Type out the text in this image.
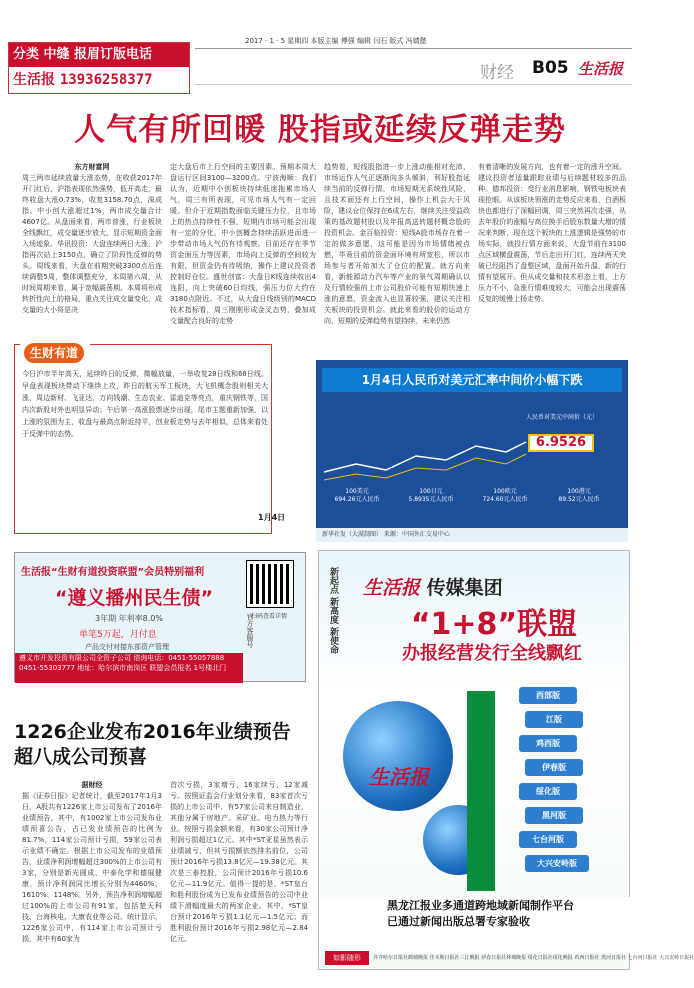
分类 中缝 报眉订版电话
生活报 13936258377
2017 · 1 · 5 星期四 本版主编 傅强 编辑 闫石 版式 冯婧懿
财经 B05 生活报
人气有所回暖 股指或延续反弹走势
东方财富网
周三两市延续放量大涨态势，在收获2017年开门红后，沪指表现依然强势，低开高走，最终收盘大涨0.73%，收复3158.70点，深成指、中小创大涨超过1%，两市成交量合计4607亿。从盘面来看，两市普涨，行业板块全线飘红，成交量逐步放大，显示短期资金面入场迹象。华讯投资：大盘连续两日大涨，沪指再次站上3150点，确立了阶段性反弹的势头。周线来看，大盘在前期突破3300点后连续调整5周，整体调整充分，本周第六周，从时间周期来看，属于宽幅震荡期，本周将形成转折性向上的格局，重点关注成交量变化，成交量的大小将是决
定大盘后市上行空间的主要因素。预期本周大盘运行区间3100—3200点。宁波海顺：我们认为，近期中小创板块持续低迷拖累市场人气，周三有所表现，可见市场人气有一定回暖。但介于近期指数面临关键压力位，且市场上的热点持续性不强，短期内市场可能会出现有一定的分化，中小创概念持续活跃进而进一步带动市场人气仍有待观察。目前还存在季节资金面压力等因素，市场向上反弹的空间较为有限，但资金仍有待吸纳，操作上建议投资者控制好仓位。盛世创富：大盘日K线连续收出4连阳，向上突破60日均线，强压力位大约在3180点附近。不过，从大盘日线级别的MACD技术指标看，周三刚刚形成金叉态势，叠加成交量配合良好的走势
趋势看，短线股指进一步上涨动能相对充沛，市场运作人气正逐渐向多头倾斜，利好股指延续当前的反弹行情。市场短期无系统性风险，且技术面还有上行空间，操作上机会大于风险，建议仓位保持在6成左右，继续关注受益政策的基改题材股以及年报高送转题材概念股的投资机会。金百临投资：短线A股市场存在着一定的做多意愿，这可能是因为市场情绪被点燃，毕竟目前的资金面环境有所宽松，所以市场参与者开始加大了仓位的配置。就方向来看，新能源动力汽车等产业的景气周期确认以及行情较强的上市公司股价可能有短期快速上涨的意愿，资金流入也显著较强，建议关注相关板块的投资机会。就此来看的股价的运动方向，短期的反弹趋势有望持续，未来仍然
有着清晰的发展方向，也有着一定的涨升空间。建议投资者适量跟踪业绩与后续题材较多的品种。德邦投资：受行业消息影响，钢铁电板块表现抢眼。从该板块领涨的走势反应来看，白酒板块也都进行了深幅回调，周三突然再次走强，从去年股价的涨幅与高位换手后股东数量大增的情况来判断，现在这个板块的上涨逻辑是强势的市场实际，就投行情方面来说，大盘节前在3100点区域横盘震荡，节后走出开门红，连续两天突破已经阻挡了盘整区域，盘面开始升温，新的行情有望展开。但从成交量和技术形态上看，上方压力不小，急涨行情难度较大，可能会出现震荡反复的缓慢上扬走势。
生财有道
今日沪市半年高天，延续昨日的反弹，微幅放量，一举收复20日线和60日线。早盘表现板块带动下继续上攻，昨日的航天军工板块，大飞机概念股则相关大涨，周边新材、飞亚达、万向钱潮、生态农业、雷迪克等亮点，重庆钢铁等，国内次新股对外也明显异动；午后第一高涨股票逐步出现，尾市主题重新加强，以上涨的氛围为主，收盘与最高点附近持平，创业板走势与去年相似，总体来看处于反弹中的态势。
1月4日
1月4日人民币对美元汇率中间价小幅下跌
人民币对美元中间价（元）
6.9526
100美元
694.26元人民币
100日元
5.8935元人民币
100欧元
724.60元人民币
100港元
89.52元人民币
新华社发（大漠制图） 来源：中国外汇交易中心
生活报“生财有道投资联盟”会员特别福利
“遵义播州民生债”
3年期 年利率8.0%
单笔5万起，月付息
产品交付对接东部资产管理	官方客服号
扫码查看详情
遵义市开发投资有限公司全资子公司 谘询电话：0451-55057888 0451-55303777 地址：哈尔滨市南岗区 联盟会员报名 1号楼北门
1226企业发布2016年业绩预告 超八成公司预喜
据财经
据《证券日报》记者统计，截至2017年1月3日，A股共有1226家上市公司发布了2016年业绩预告，其中，有1002家上市公司发布业绩预喜公告，占已发业绩预告的比例为81.7%，114家公司预计亏损，59家公司表示业绩不确定。根据上市公司发布的业绩预告，业绩净利润增幅超过300%的上市公司有3家，分别是新光圆成、中泰化学和德展健康，预计净利润同比增长分别为4460%、1610%、1148%。另外，预告净利润增幅超过100%的上市公司有91家，包括楚天科技、台海核电、大康农业等公司。统计显示，1226家公司中，有114家上市公司预计亏损，其中有60家为
首次亏损，3家增亏，16家续亏，12家减亏。按照证监会行业划分来看，83家首次亏损的上市公司中，有57家公司来自制造业，其他分属于房地产、采矿业、电力热力等行业。按照亏损金额来看，有30家公司预计净利润亏损超过1亿元。其中*ST亚星虽然表示业绩减亏，但其亏损额依然排名前位，公司预计2016年亏损13.8亿元—19.38亿元。其次是三泰控股，公司预计2016年亏损10.6亿元—11.9亿元。值得一提的是，*ST皇台和胜利股份成为已发布业绩预告的公司中业绩下滑幅度最大的两家企业。其中，*ST皇台预计2016年亏损1.1亿元—1.5亿元；而胜利股份预计2016年亏损2.98亿元—2.84亿元。
新起点 新高度 新使命 生活报 传媒集团
“1+8”联盟
办报经营发行全线飘红
生活报
西部版
江版
鸡西版
伊春版
绥化版
黑河版
七台河版
大兴安岭版
黑龙江报业多通道跨地域新闻制作平台
已通过新闻出版总署专家验收
如影随形	齐齐哈尔日报社鹤城晚报 佳木斯日报社三江晚报 伊春日报社林城晚报 绥化日报社绥化晚报 鸡西日报社 黑河日报社 七台河日报社 大兴安岭日报社
